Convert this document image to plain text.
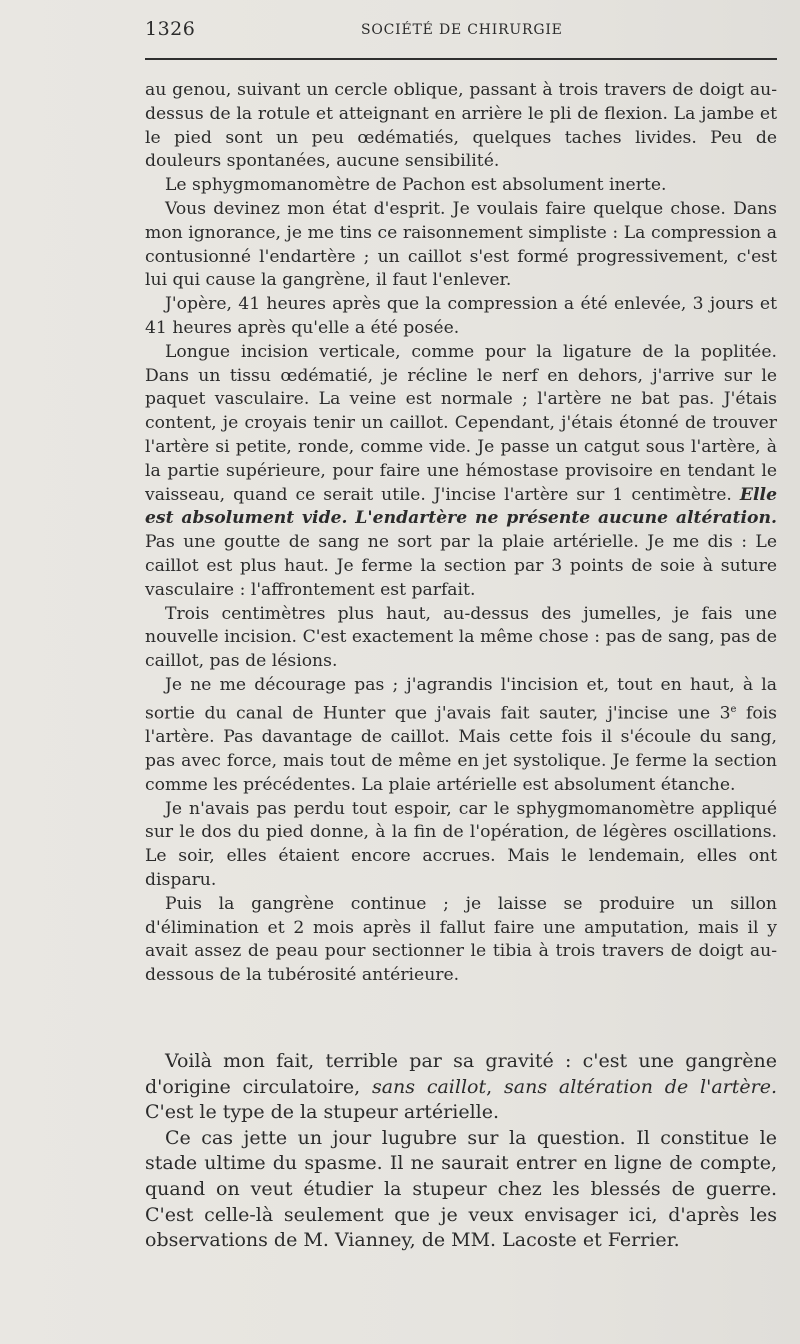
1326	SOCIÉTÉ DE CHIRURGIE

au genou, suivant un cercle oblique, passant à trois travers de doigt au-dessus de la rotule et atteignant en arrière le pli de flexion. La jambe et le pied sont un peu œdématiés, quelques taches livides. Peu de douleurs spontanées, aucune sensibilité.

Le sphygmomanomètre de Pachon est absolument inerte.

Vous devinez mon état d'esprit. Je voulais faire quelque chose. Dans mon ignorance, je me tins ce raisonnement simpliste : La compression a contusionné l'endartère ; un caillot s'est formé progressivement, c'est lui qui cause la gangrène, il faut l'enlever.

J'opère, 41 heures après que la compression a été enlevée, 3 jours et 41 heures après qu'elle a été posée.

Longue incision verticale, comme pour la ligature de la poplitée. Dans un tissu œdématié, je récline le nerf en dehors, j'arrive sur le paquet vasculaire. La veine est normale ; l'artère ne bat pas. J'étais content, je croyais tenir un caillot. Cependant, j'étais étonné de trouver l'artère si petite, ronde, comme vide. Je passe un catgut sous l'artère, à la partie supérieure, pour faire une hémostase provisoire en tendant le vaisseau, quand ce serait utile. J'incise l'artère sur 1 centimètre. Elle est absolument vide. L'endartère ne présente aucune altération. Pas une goutte de sang ne sort par la plaie artérielle. Je me dis : Le caillot est plus haut. Je ferme la section par 3 points de soie à suture vasculaire : l'affrontement est parfait.

Trois centimètres plus haut, au-dessus des jumelles, je fais une nouvelle incision. C'est exactement la même chose : pas de sang, pas de caillot, pas de lésions.

Je ne me décourage pas ; j'agrandis l'incision et, tout en haut, à la sortie du canal de Hunter que j'avais fait sauter, j'incise une 3e fois l'artère. Pas davantage de caillot. Mais cette fois il s'écoule du sang, pas avec force, mais tout de même en jet systolique. Je ferme la section comme les précédentes. La plaie artérielle est absolument étanche.

Je n'avais pas perdu tout espoir, car le sphygmomanomètre appliqué sur le dos du pied donne, à la fin de l'opération, de légères oscillations. Le soir, elles étaient encore accrues. Mais le lendemain, elles ont disparu.

Puis la gangrène continue ; je laisse se produire un sillon d'élimination et 2 mois après il fallut faire une amputation, mais il y avait assez de peau pour sectionner le tibia à trois travers de doigt au-dessous de la tubérosité antérieure.

Voilà mon fait, terrible par sa gravité : c'est une gangrène d'origine circulatoire, sans caillot, sans altération de l'artère. C'est le type de la stupeur artérielle.

Ce cas jette un jour lugubre sur la question. Il constitue le stade ultime du spasme. Il ne saurait entrer en ligne de compte, quand on veut étudier la stupeur chez les blessés de guerre. C'est celle-là seulement que je veux envisager ici, d'après les observations de M. Vianney, de MM. Lacoste et Ferrier.
